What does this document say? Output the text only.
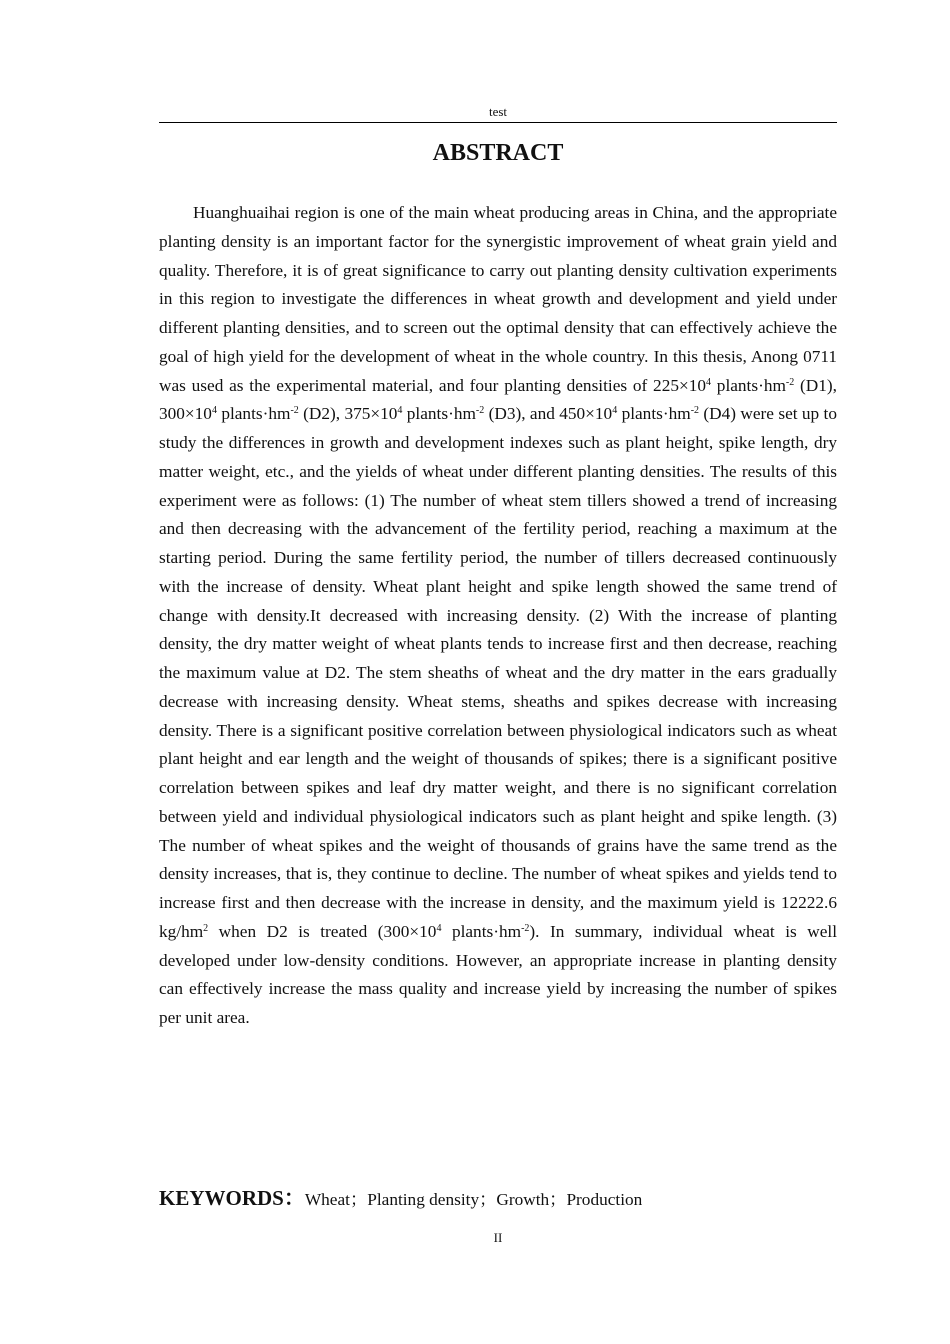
test
ABSTRACT

Huanghuaihai region is one of the main wheat producing areas in China, and the appropriate planting density is an important factor for the synergistic improvement of wheat grain yield and quality. Therefore, it is of great significance to carry out planting density cultivation experiments in this region to investigate the differences in wheat growth and development and yield under different planting densities, and to screen out the optimal density that can effectively achieve the goal of high yield for the development of wheat in the whole country. In this thesis, Anong 0711 was used as the experimental material, and four planting densities of $225\times 10^4$ $plants\cdot hm^{-2}$ (D1), $300\times 10^4$ $plants\cdot hm^{-2}$ (D2), $375\times 10^4$ $plants\cdot hm^{-2}$ (D3), and $450\times 10^4$ $plants\cdot hm^{-2}$ (D4) were set up to study the differences in growth and development indexes such as plant height, spike length, dry matter weight, etc., and the yields of wheat under different planting densities. The results of this experiment were as follows: (1) The number of wheat stem tillers showed a trend of increasing and then decreasing with the advancement of the fertility period, reaching a maximum at the starting period. During the same fertility period, the number of tillers decreased continuously with the increase of density. Wheat plant height and spike length showed the same trend of change with density.It decreased with increasing density. (2) With the increase of planting density, the dry matter weight of wheat plants tends to increase first and then decrease, reaching the maximum value at D2. The stem sheaths of wheat and the dry matter in the ears gradually decrease with increasing density. Wheat stems, sheaths and spikes decrease with increasing density. There is a significant positive correlation between physiological indicators such as wheat plant height and ear length and the weight of thousands of spikes; there is a significant positive correlation between spikes and leaf dry matter weight, and there is no significant correlation between yield and individual physiological indicators such as plant height and spike length. (3) The number of wheat spikes and the weight of thousands of grains have the same trend as the density increases, that is, they continue to decline. The number of wheat spikes and yields tend to increase first and then decrease with the increase in density, and the maximum yield is 12222.6 $kg/hm^2$ when D2 is treated ($300\times 10^4$ $plants\cdot hm^{-2}$). In summary, individual wheat is well developed under low-density conditions. However, an appropriate increase in planting density can effectively increase the mass quality and increase yield by increasing the number of spikes per unit area.

KEYWORDS：Wheat；Planting density；Growth；Production
II
